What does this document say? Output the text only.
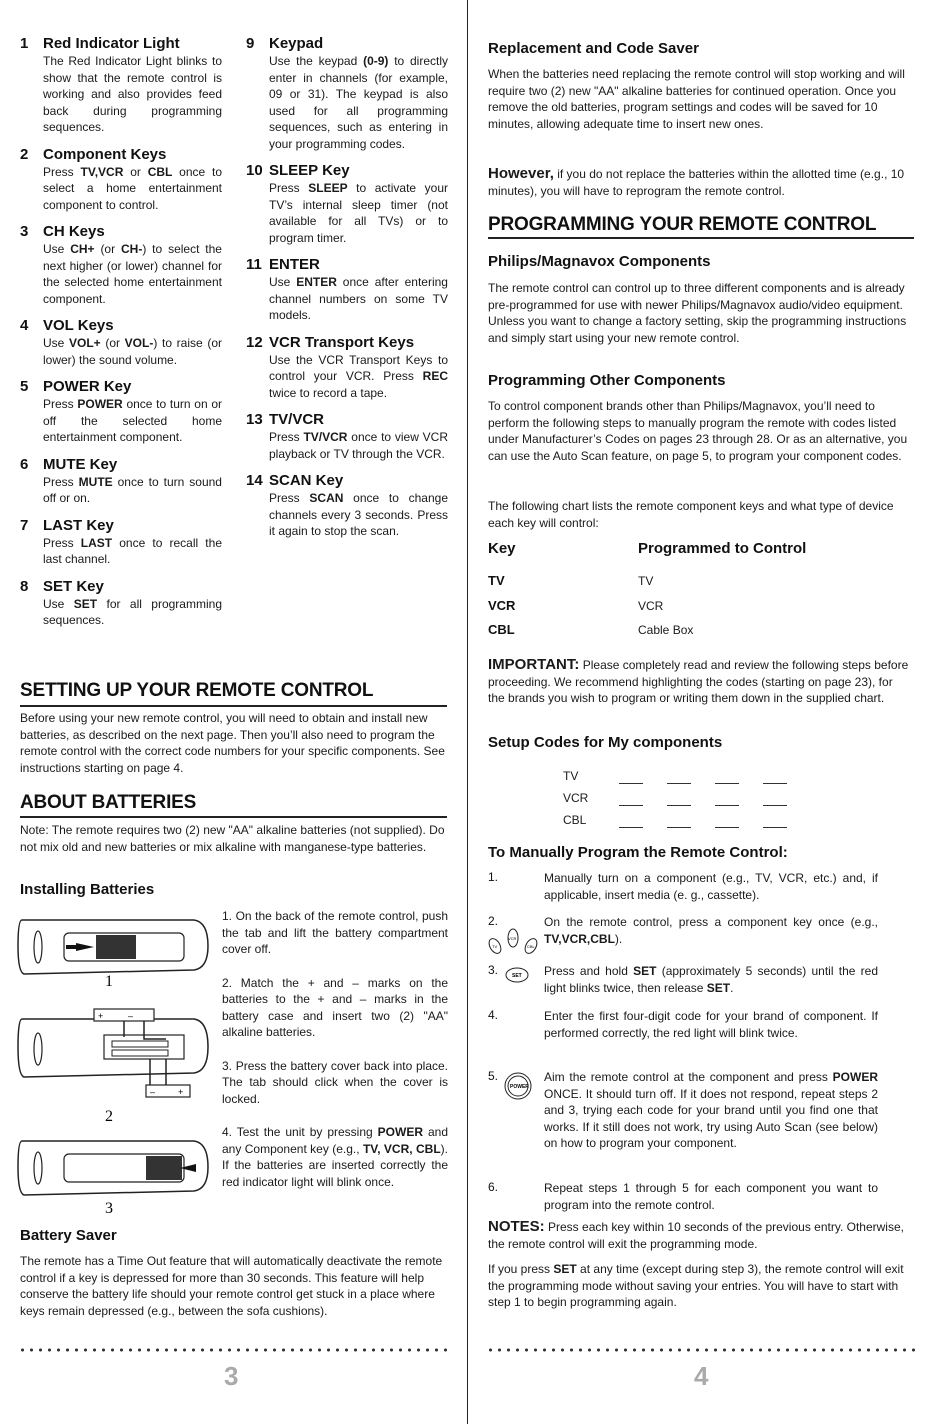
1 Red Indicator Light
The Red Indicator Light blinks to show that the remote control is working and also provides feed back during programming sequences.
2 Component Keys
Press TV,VCR or CBL once to select a home entertainment component to control.
3 CH Keys
Use CH+ (or CH-) to select the next higher (or lower) channel for the selected home entertainment component.
4 VOL Keys
Use VOL+ (or VOL-) to raise (or lower) the sound volume.
5 POWER Key
Press POWER once to turn on or off the selected home entertainment component.
6 MUTE Key
Press MUTE once to turn sound off or on.
7 LAST Key
Press LAST once to recall the last channel.
8 SET Key
Use SET for all programming sequences.
9 Keypad
Use the keypad (0-9) to directly enter in channels (for example, 09 or 31). The keypad is also used for all programming sequences, such as entering in your programming codes.
10 SLEEP Key
Press SLEEP to activate your TV’s internal sleep timer (not available for all TVs) or to program timer.
11 ENTER
Use ENTER once after entering channel numbers on some TV models.
12 VCR Transport Keys
Use the VCR Transport Keys to control your VCR. Press REC twice to record a tape.
13 TV/VCR
Press TV/VCR once to view VCR playback or TV through the VCR.
14 SCAN Key
Press SCAN once to change channels every 3 seconds. Press it again to stop the scan.
SETTING UP YOUR REMOTE CONTROL
Before using your new remote control, you will need to obtain and install new batteries, as described on the next page. Then you’ll also need to program the remote control with the correct code numbers for your specific components. See instructions starting on page 4.
ABOUT BATTERIES
Note: The remote requires two (2) new "AA" alkaline batteries (not supplied). Do not mix old and new batteries or mix alkaline with manganese-type batteries.
Installing Batteries
1
+	–
–	+
2
3
1. On the back of the remote control, push the tab and lift the battery compartment cover off.
2. Match the + and – marks on the batteries to the + and – marks in the battery case and insert two (2) "AA" alkaline batteries.
3. Press the battery cover back into place. The tab should click when the cover is locked.
4. Test the unit by pressing POWER and any Component key (e.g., TV, VCR, CBL). If the batteries are inserted correctly the red indicator light will blink once.
Battery Saver
The remote has a Time Out feature that will automatically deactivate the remote control if a key is depressed for more than 30 seconds. This feature will help conserve the battery life should your remote control get stuck in a place where keys remain depressed (e.g., between the sofa cushions).
3
Replacement and Code Saver
When the batteries need replacing the remote control will stop working and will require two (2) new "AA" alkaline batteries for continued operation. Once you remove the old batteries, program settings and codes will be saved for 10 minutes, allowing adequate time to insert new ones.
However, if you do not replace the batteries within the allotted time (e.g., 10 minutes), you will have to reprogram the remote control.
PROGRAMMING YOUR REMOTE CONTROL
Philips/Magnavox Components
The remote control can control up to three different components and is already pre-programmed for use with newer Philips/Magnavox audio/video equipment. Unless you want to change a factory setting, skip the programming instructions and simply start using your new remote control.
Programming Other Components
To control component brands other than Philips/Magnavox, you’ll need to perform the following steps to manually program the remote with codes listed under Manufacturer’s Codes on pages 23 through 28. Or as an alternative, you can use the Auto Scan feature, on page 5, to program your component codes.
The following chart lists the remote component keys and what type of device each key will control:
Key	Programmed to Control
TV	TV
VCR	VCR
CBL	Cable Box
IMPORTANT: Please completely read and review the following steps before proceeding. We recommend highlighting the codes (starting on page 23), for the brands you wish to program or writing them down in the supplied chart.
Setup Codes for My components
TV
VCR
CBL
To Manually Program the Remote Control:
1.	Manually turn on a component (e.g., TV, VCR, etc.) and, if applicable, insert media (e. g., cassette).
2.
TV
VCR
CBL
On the remote control, press a component key once (e.g., TV,VCR,CBL).
3.	SET Press and hold SET (approximately 5 seconds) until the red light blinks twice, then release SET.
4.	Enter the first four-digit code for your brand of component. If performed correctly, the red light will blink twice.
5.
POWER
Aim the remote control at the component and press POWER ONCE. It should turn off. If it does not respond, repeat steps 2 and 3, trying each code for your brand until you find one that works. If it still does not work, try using Auto Scan (see below) on how to program your component.
6.	Repeat steps 1 through 5 for each component you want to program into the remote control.
NOTES: Press each key within 10 seconds of the previous entry. Otherwise, the remote control will exit the programming mode.
If you press SET at any time (except during step 3), the remote control will exit the programming mode without saving your entries. You will have to start with step 1 to begin programming again.
4
